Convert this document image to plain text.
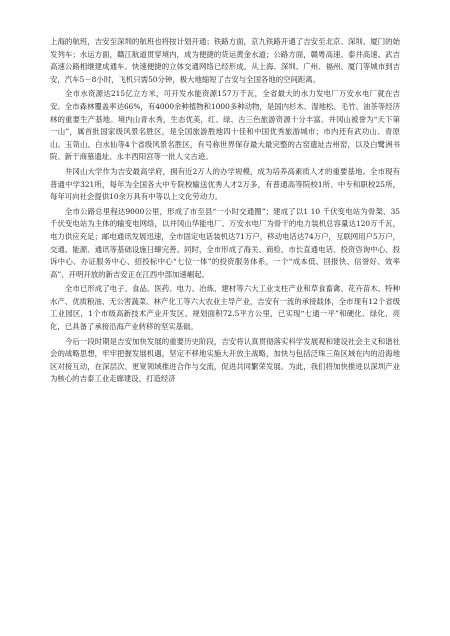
上海的航班，吉安至深圳的航班也将按计划开通；铁路方面，京九铁路开通了吉安至北京、深圳、厦门的始发列车；水运方面，赣江航道贯穿境内，成为便捷的货运黄金水道；公路方面，赣粤高速、泰井高速、武吉高速公路相继建成通车。快速便捷的立体交通网络已经形成。从上海、深圳、广州、福州、厦门等城市到吉安，汽车5－8小时，飞机只需50分钟，极大地缩短了吉安与全国各地的空间距离。

全市水资源达215亿立方米，可开发水能资源157万千瓦，全省最大的水力发电厂万安水电厂就在吉安。全市森林覆盖率达66%，有4000余种植物和1000多种动物，是国内杉木、湿地松、毛竹、油茶等经济林的重要生产基地。境内山青水秀，生态优美，红、绿、古三色旅游资源十分丰富。井冈山被誉为“天下第一山”，属首批国家级风景名胜区，是全国旅游胜地四十佳和中国优秀旅游城市；市内还有武功山、青原山、玉笥山、白水仙等4个省级风景名胜区，有号称世界保存最大最完整的古窑遗址吉州窑，以及白鹭洲书院、新干商墓遗址、永丰西阳宫等一批人文古迹。

井冈山大学作为吉安最高学府，拥有近2万人的办学规模，成为培养高素质人才的重要基地。全市现有普通中学321所，每年为全国各大中专院校输送优秀人才2万多，有普通高等院校1所、中专和职校25所，每年可向社会提供10余万具有中等以上文化劳动力。

全市公路总里程达9000公里，形成了市至县“一小时交通圈”；建成了以1 10 千伏变电站为骨架、35千伏变电站为主体的输变电网络，以井冈山华能电厂、万安水电厂为骨干的电力装机总容量达120万千瓦，电力供应充足；邮电通讯发展迅速，全市固定电话装机达71万户，移动电话达74万户，互联网用户5万户，交通、能源、通讯等基础设施日臻完善。同时，全市形成了海关、商检、市长直通电话、投资咨询中心、投诉中心、办证服务中心、招投标中心“七位一体”的投资服务体系，一个“成本低、回报快、信誉好、效率高”、开明开放的新吉安正在江西中部加速崛起。

全市已形成了电子、食品、医药、电力、冶炼、建材等六大工业支柱产业和草食畜禽、花卉苗木、特种水产、优质粮油、无公害蔬菜、林产化工等六大农业主导产业，吉安有一流的承接载体，全市现有12个省级工业园区，1个市级高新技术产业开发区。规划面积72.5平方公里，已实现“七通一平”和硬化、绿化、亮化，已具备了承接沿海产业转移的坚实基础。

今后一段时期是吉安加快发展的重要历史阶段，吉安将认真贯彻落实科学发展观和建设社会主义和谐社会的战略思想，牢牢把握发展机遇，坚定不移地实施大开放主战略，加快与包括泛珠三角区域在内的沿海地区对接互动，在深层次、更宽领域推进合作与交流，促进共同繁荣发展。为此，我们将加快推进以深圳产业为核心的吉泰工业走廊建设，打造经济
